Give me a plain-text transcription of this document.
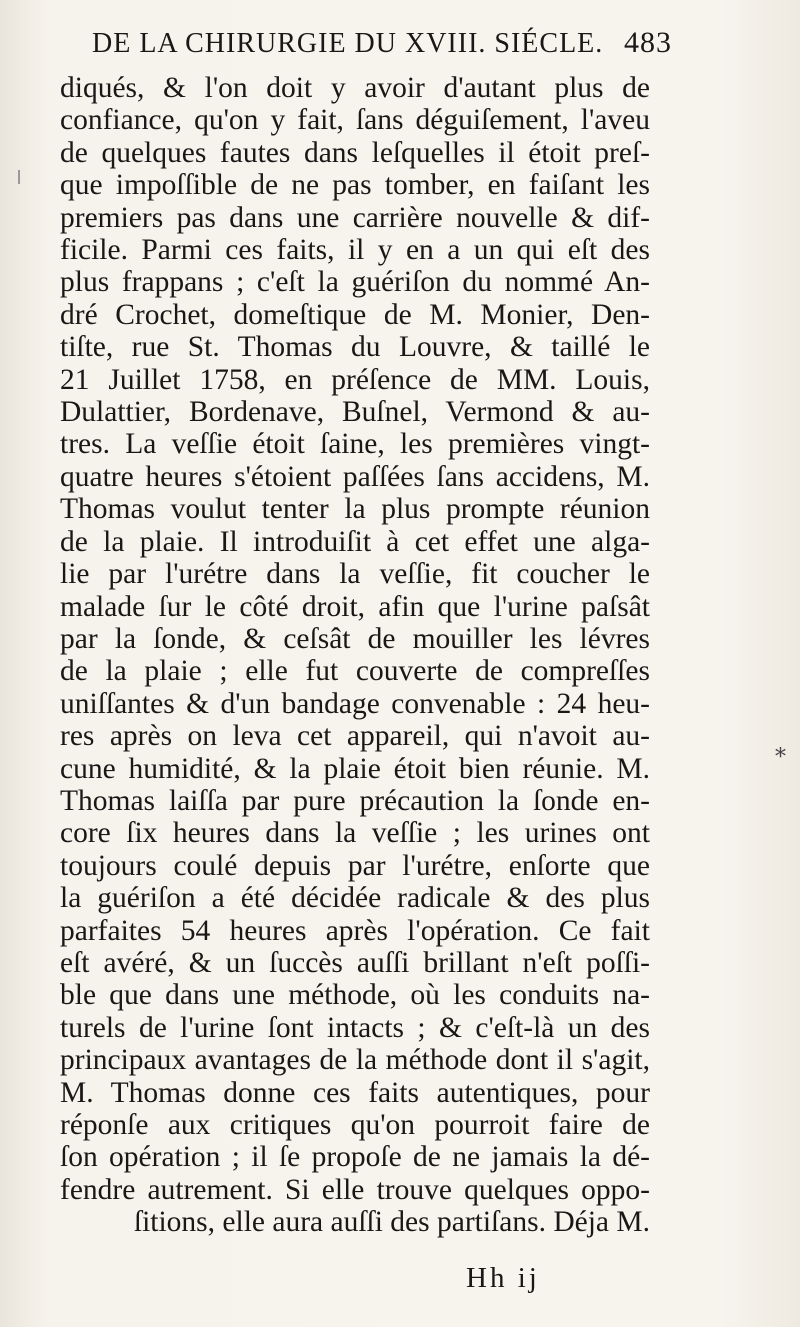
DE LA CHIRURGIE DU XVIII. SIÉCLE. 483
diqués, & l'on doit y avoir d'autant plus de
confiance, qu'on y fait, ſans déguiſement, l'aveu
de quelques fautes dans leſquelles il étoit preſ-
que impoſſible de ne pas tomber, en faiſant les
premiers pas dans une carrière nouvelle & dif-
ficile. Parmi ces faits, il y en a un qui eſt des
plus frappans ; c'eſt la guériſon du nommé An-
dré Crochet, domeſtique de M. Monier, Den-
tiſte, rue St. Thomas du Louvre, & taillé le
21 Juillet 1758, en préſence de MM. Louis,
Dulattier, Bordenave, Buſnel, Vermond & au-
tres. La veſſie étoit ſaine, les premières vingt-
quatre heures s'étoient paſſées ſans accidens, M.
Thomas voulut tenter la plus prompte réunion
de la plaie. Il introduiſit à cet effet une alga-
lie par l'urétre dans la veſſie, fit coucher le
malade ſur le côté droit, afin que l'urine paſsât
par la ſonde, & ceſsât de mouiller les lévres
de la plaie ; elle fut couverte de compreſſes
uniſſantes & d'un bandage convenable : 24 heu-
res après on leva cet appareil, qui n'avoit au-
cune humidité, & la plaie étoit bien réunie. M.
Thomas laiſſa par pure précaution la ſonde en-
core ſix heures dans la veſſie ; les urines ont
toujours coulé depuis par l'urétre, enſorte que
la guériſon a été décidée radicale & des plus
parfaites 54 heures après l'opération. Ce fait
eſt avéré, & un ſuccès auſſi brillant n'eſt poſſi-
ble que dans une méthode, où les conduits na-
turels de l'urine ſont intacts ; & c'eſt-là un des
principaux avantages de la méthode dont il s'agit,
M. Thomas donne ces faits autentiques, pour
réponſe aux critiques qu'on pourroit faire de
ſon opération ; il ſe propoſe de ne jamais la dé-
fendre autrement. Si elle trouve quelques oppo-
ſitions, elle aura auſſi des partiſans. Déja M.
*
Hh ij
